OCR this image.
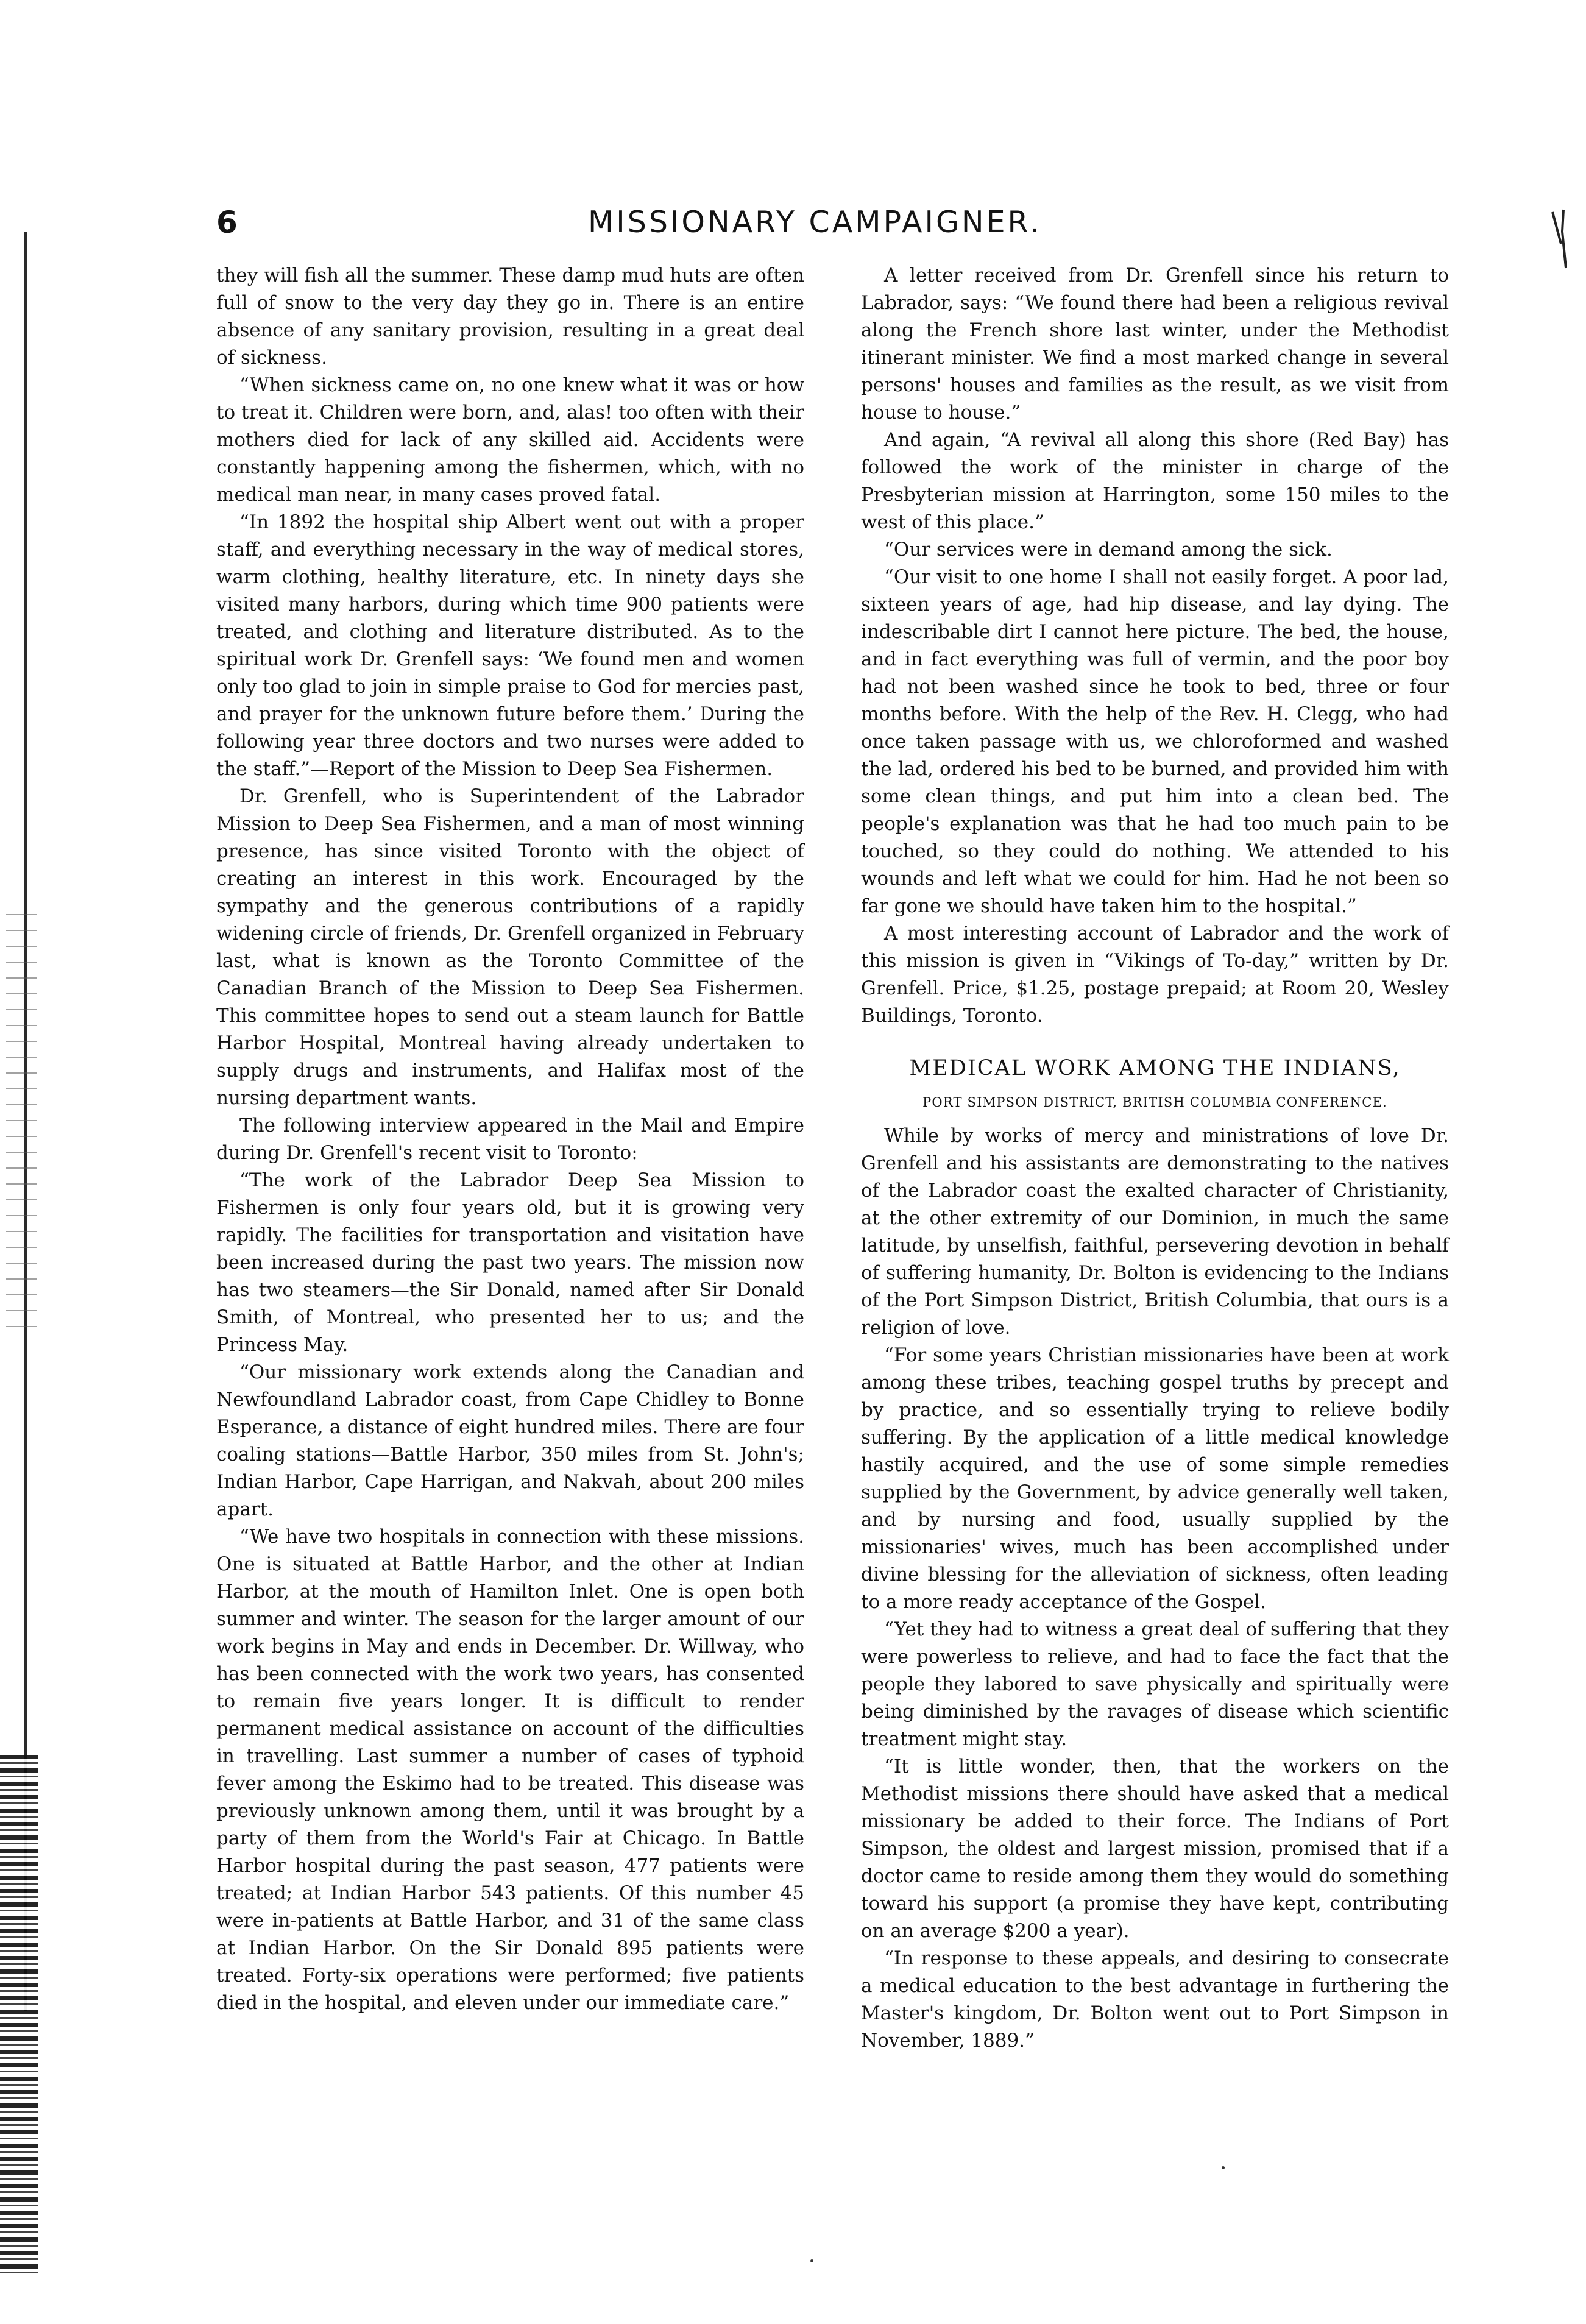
6	MISSIONARY CAMPAIGNER.

they will fish all the summer. These damp mud huts are often full of snow to the very day they go in. There is an entire absence of any sanitary provision, resulting in a great deal of sickness.

“When sickness came on, no one knew what it was or how to treat it. Children were born, and, alas! too often with their mothers died for lack of any skilled aid. Accidents were constantly happening among the fishermen, which, with no medical man near, in many cases proved fatal.

“In 1892 the hospital ship Albert went out with a proper staff, and everything necessary in the way of medical stores, warm clothing, healthy literature, etc. In ninety days she visited many harbors, during which time 900 patients were treated, and clothing and literature distributed. As to the spiritual work Dr. Grenfell says: ‘We found men and women only too glad to join in simple praise to God for mercies past, and prayer for the unknown future before them.’ During the following year three doctors and two nurses were added to the staff.”—Report of the Mission to Deep Sea Fishermen.

Dr. Grenfell, who is Superintendent of the Labrador Mission to Deep Sea Fishermen, and a man of most winning presence, has since visited Toronto with the object of creating an interest in this work. Encouraged by the sympathy and the generous contributions of a rapidly widening circle of friends, Dr. Grenfell organized in February last, what is known as the Toronto Committee of the Canadian Branch of the Mission to Deep Sea Fishermen. This committee hopes to send out a steam launch for Battle Harbor Hospital, Montreal having already undertaken to supply drugs and instruments, and Halifax most of the nursing department wants.

The following interview appeared in the Mail and Empire during Dr. Grenfell's recent visit to Toronto:

“The work of the Labrador Deep Sea Mission to Fishermen is only four years old, but it is growing very rapidly. The facilities for transportation and visitation have been increased during the past two years. The mission now has two steamers—the Sir Donald, named after Sir Donald Smith, of Montreal, who presented her to us; and the Princess May.

“Our missionary work extends along the Canadian and Newfoundland Labrador coast, from Cape Chidley to Bonne Esperance, a distance of eight hundred miles. There are four coaling stations—Battle Harbor, 350 miles from St. John's; Indian Harbor, Cape Harrigan, and Nakvah, about 200 miles apart.

“We have two hospitals in connection with these missions. One is situated at Battle Harbor, and the other at Indian Harbor, at the mouth of Hamilton Inlet. One is open both summer and winter. The season for the larger amount of our work begins in May and ends in December. Dr. Willway, who has been connected with the work two years, has consented to remain five years longer. It is difficult to render permanent medical assistance on account of the difficulties in travelling. Last summer a number of cases of typhoid fever among the Eskimo had to be treated. This disease was previously unknown among them, until it was brought by a party of them from the World's Fair at Chicago. In Battle Harbor hospital during the past season, 477 patients were treated; at Indian Harbor 543 patients. Of this number 45 were in-patients at Battle Harbor, and 31 of the same class at Indian Harbor. On the Sir Donald 895 patients were treated. Forty-six operations were performed; five patients died in the hospital, and eleven under our immediate care.”

A letter received from Dr. Grenfell since his return to Labrador, says: “We found there had been a religious revival along the French shore last winter, under the Methodist itinerant minister. We find a most marked change in several persons' houses and families as the result, as we visit from house to house.”

And again, “A revival all along this shore (Red Bay) has followed the work of the minister in charge of the Presbyterian mission at Harrington, some 150 miles to the west of this place.”

“Our services were in demand among the sick.

“Our visit to one home I shall not easily forget. A poor lad, sixteen years of age, had hip disease, and lay dying. The indescribable dirt I cannot here picture. The bed, the house, and in fact everything was full of vermin, and the poor boy had not been washed since he took to bed, three or four months before. With the help of the Rev. H. Clegg, who had once taken passage with us, we chloroformed and washed the lad, ordered his bed to be burned, and provided him with some clean things, and put him into a clean bed. The people's explanation was that he had too much pain to be touched, so they could do nothing. We attended to his wounds and left what we could for him. Had he not been so far gone we should have taken him to the hospital.”

A most interesting account of Labrador and the work of this mission is given in “Vikings of To-day,” written by Dr. Grenfell. Price, $1.25, postage prepaid; at Room 20, Wesley Buildings, Toronto.

MEDICAL WORK AMONG THE INDIANS,
PORT SIMPSON DISTRICT, BRITISH COLUMBIA CONFERENCE.

While by works of mercy and ministrations of love Dr. Grenfell and his assistants are demonstrating to the natives of the Labrador coast the exalted character of Christianity, at the other extremity of our Dominion, in much the same latitude, by unselfish, faithful, persevering devotion in behalf of suffering humanity, Dr. Bolton is evidencing to the Indians of the Port Simpson District, British Columbia, that ours is a religion of love.

“For some years Christian missionaries have been at work among these tribes, teaching gospel truths by precept and by practice, and so essentially trying to relieve bodily suffering. By the application of a little medical knowledge hastily acquired, and the use of some simple remedies supplied by the Government, by advice generally well taken, and by nursing and food, usually supplied by the missionaries' wives, much has been accomplished under divine blessing for the alleviation of sickness, often leading to a more ready acceptance of the Gospel.

“Yet they had to witness a great deal of suffering that they were powerless to relieve, and had to face the fact that the people they labored to save physically and spiritually were being diminished by the ravages of disease which scientific treatment might stay.

“It is little wonder, then, that the workers on the Methodist missions there should have asked that a medical missionary be added to their force. The Indians of Port Simpson, the oldest and largest mission, promised that if a doctor came to reside among them they would do something toward his support (a promise they have kept, contributing on an average $200 a year).

“In response to these appeals, and desiring to consecrate a medical education to the best advantage in furthering the Master's kingdom, Dr. Bolton went out to Port Simpson in November, 1889.”
